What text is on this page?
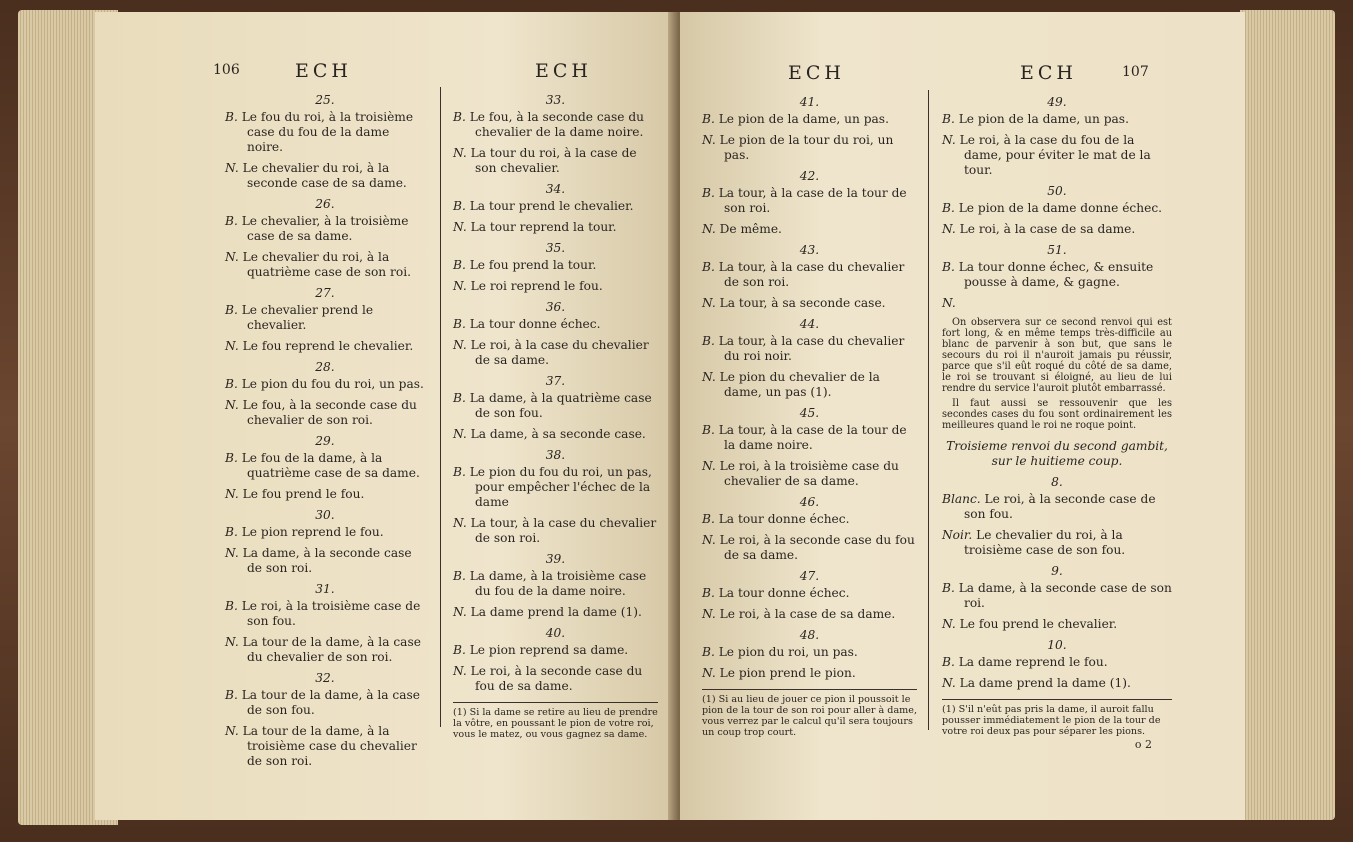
106	ECH	ECH
25.
B. Le fou du roi, à la troisième case du fou de la dame noire.
N. Le chevalier du roi, à la seconde case de sa dame.
26.
B. Le chevalier, à la troisième case de sa dame.
N. Le chevalier du roi, à la quatrième case de son roi.
27.
B. Le chevalier prend le chevalier.
N. Le fou reprend le chevalier.
28.
B. Le pion du fou du roi, un pas.
N. Le fou, à la seconde case du chevalier de son roi.
29.
B. Le fou de la dame, à la quatrième case de sa dame.
N. Le fou prend le fou.
30.
B. Le pion reprend le fou.
N. La dame, à la seconde case de son roi.
31.
B. Le roi, à la troisième case de son fou.
N. La tour de la dame, à la case du chevalier de son roi.
32.
B. La tour de la dame, à la case de son fou.
N. La tour de la dame, à la troisième case du chevalier de son roi.
33.
B. Le fou, à la seconde case du chevalier de la dame noire.
N. La tour du roi, à la case de son chevalier.
34.
B. La tour prend le chevalier.
N. La tour reprend la tour.
35.
B. Le fou prend la tour.
N. Le roi reprend le fou.
36.
B. La tour donne échec.
N. Le roi, à la case du chevalier de sa dame.
37.
B. La dame, à la quatrième case de son fou.
N. La dame, à sa seconde case.
38.
B. Le pion du fou du roi, un pas, pour empêcher l'échec de la dame
N. La tour, à la case du chevalier de son roi.
39.
B. La dame, à la troisième case du fou de la dame noire.
N. La dame prend la dame (1).
40.
B. Le pion reprend sa dame.
N. Le roi, à la seconde case du fou de sa dame.
(1) Si la dame se retire au lieu de prendre la vôtre, en poussant le pion de votre roi, vous le matez, ou vous gagnez sa dame.
ECH	ECH	107
41.
B. Le pion de la dame, un pas.
N. Le pion de la tour du roi, un pas.
42.
B. La tour, à la case de la tour de son roi.
N. De même.
43.
B. La tour, à la case du chevalier de son roi.
N. La tour, à sa seconde case.
44.
B. La tour, à la case du chevalier du roi noir.
N. Le pion du chevalier de la dame, un pas (1).
45.
B. La tour, à la case de la tour de la dame noire.
N. Le roi, à la troisième case du chevalier de sa dame.
46.
B. La tour donne échec.
N. Le roi, à la seconde case du fou de sa dame.
47.
B. La tour donne échec.
N. Le roi, à la case de sa dame.
48.
B. Le pion du roi, un pas.
N. Le pion prend le pion.
(1) Si au lieu de jouer ce pion il poussoit le pion de la tour de son roi pour aller à dame, vous verrez par le calcul qu'il sera toujours un coup trop court.
49.
B. Le pion de la dame, un pas.
N. Le roi, à la case du fou de la dame, pour éviter le mat de la tour.
50.
B. Le pion de la dame donne échec.
N. Le roi, à la case de sa dame.
51.
B. La tour donne échec, & ensuite pousse à dame, & gagne.
N.
On observera sur ce second renvoi qui est fort long, & en même temps très-difficile au blanc de parvenir à son but, que sans le secours du roi il n'auroit jamais pu réussir, parce que s'il eût roqué du côté de sa dame, le roi se trouvant si éloigné, au lieu de lui rendre du service l'auroit plutôt embarrassé.
Il faut aussi se ressouvenir que les secondes cases du fou sont ordinairement les meilleures quand le roi ne roque point.
Troisieme renvoi du second gambit,
sur le huitieme coup.
8.
Blanc. Le roi, à la seconde case de son fou.
Noir. Le chevalier du roi, à la troisième case de son fou.
9.
B. La dame, à la seconde case de son roi.
N. Le fou prend le chevalier.
10.
B. La dame reprend le fou.
N. La dame prend la dame (1).
(1) S'il n'eût pas pris la dame, il auroit fallu pousser immédiatement le pion de la tour de votre roi deux pas pour séparer les pions.
o 2
